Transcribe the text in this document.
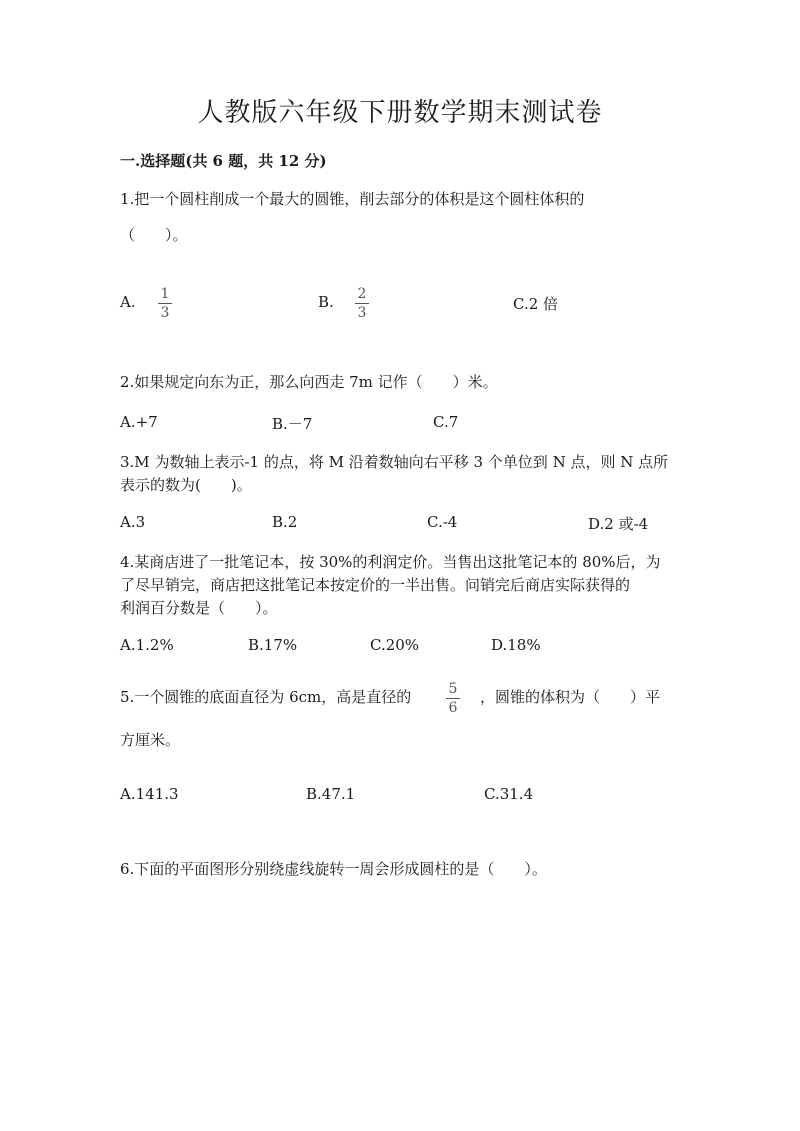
人教版六年级下册数学期末测试卷
一.选择题(共 6 题，共 12 分)
1.把一个圆柱削成一个最大的圆锥，削去部分的体积是这个圆柱体积的
（　　）。
A. 1
3
B. 2
3	C.2 倍
2.如果规定向东为正，那么向西走 7m 记作（　　）米。
A.+7	B.－7	C.7
3.M 为数轴上表示-1 的点，将 M 沿着数轴向右平移 3 个单位到 N 点，则 N 点所
表示的数为(　　)。
A.3	B.2	C.-4	D.2 或-4
4.某商店进了一批笔记本，按 30%的利润定价。当售出这批笔记本的 80%后，为
了尽早销完，商店把这批笔记本按定价的一半出售。问销完后商店实际获得的
利润百分数是（　　）。
A.1.2%	B.17%	C.20%	D.18%
5.一个圆锥的底面直径为 6cm，高是直径的	5
6
，圆锥的体积为（　　）平
方厘米。
A.141.3	B.47.1	C.31.4
6.下面的平面图形分别绕虚线旋转一周会形成圆柱的是（　　）。
